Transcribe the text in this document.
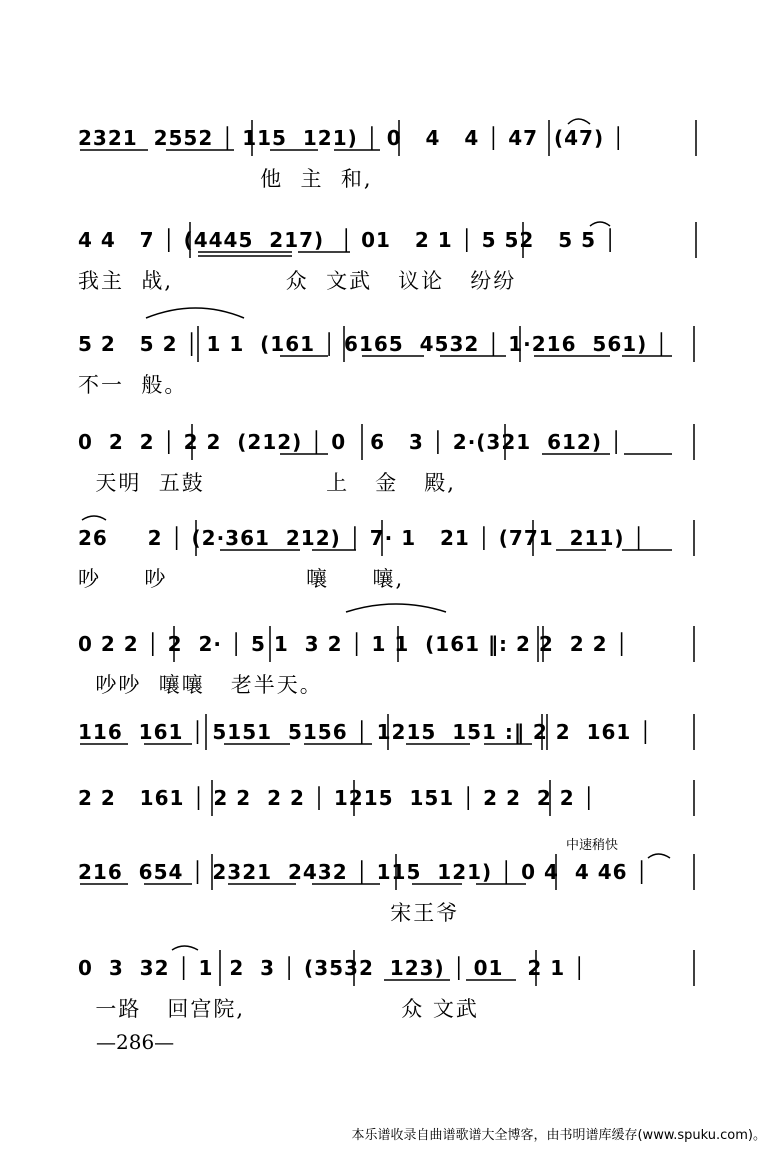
2321  2552 │ 115  121) │ 0   4   4 │ 47  (47) │
他  主  和,
4 4   7 │ (4445  217)  │ 01   2 1 │ 5 52   5 5 │
我主  战,             众  文武   议论   纷纷
5 2   5 2 │ 1 1  (161 │ 6165  4532 │ 1·216  561) │
不一  般。
0  2  2 │ 2 2  (212) │ 0   6   3 │ 2·(321  612) │
天明  五鼓              上   金   殿,
26     2 │ (2·361  212) │ 7· 1   21 │ (771  211) │
吵     吵                嚷     嚷,
0 2 2 │ 2  2· │ 5 1  3 2 │ 1 1  (161 ‖: 2 2  2 2 │
吵吵  嚷嚷   老半天。
116  161 │ 5151  5156 │ 1215  151 :‖ 2 2  161 │
2 2   161 │ 2 2  2 2 │ 1215  151 │ 2 2  2 2 │
中速稍快
216  654 │ 2321  2432 │ 115  121) │ 0 4  4 46 │
宋王爷
0  3  32 │ 1  2  3 │ (3532  123) │ 01   2 1 │
一路   回宫院,                  众 文武
—286—
本乐谱收录自曲谱歌谱大全博客，由书明谱库缓存(www.spuku.com)。
